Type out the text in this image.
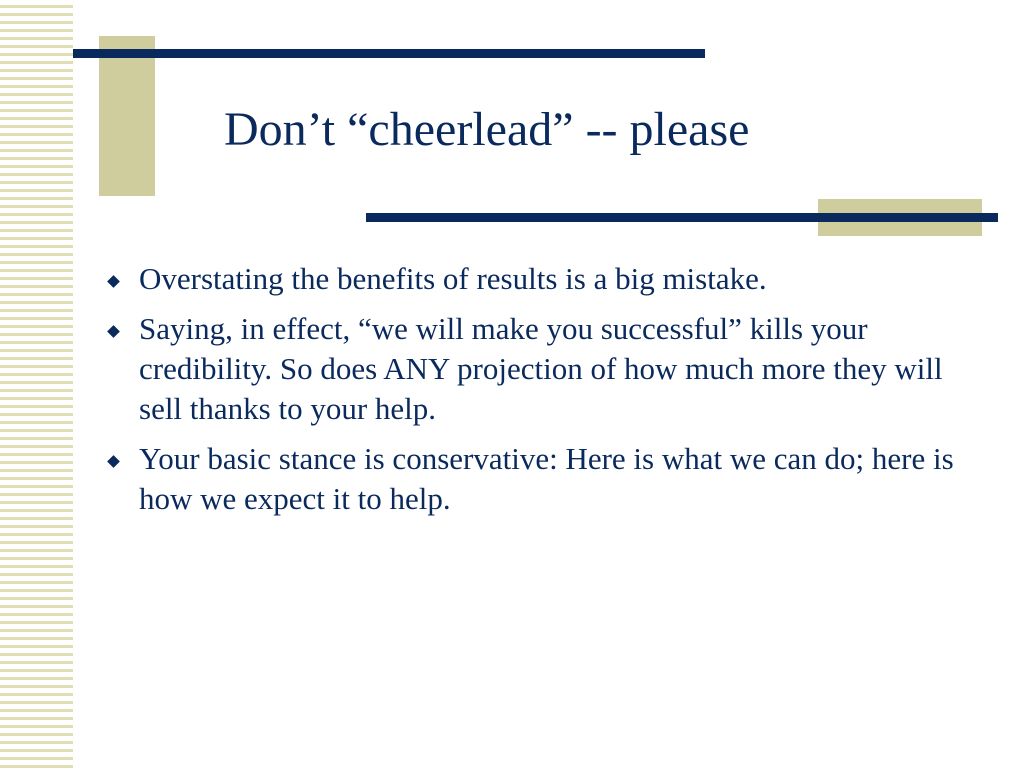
Don’t “cheerlead” -- please
Overstating the benefits of results is a big mistake.
Saying, in effect, “we will make you successful” kills your credibility. So does ANY projection of how much more they will sell thanks to your help.
Your basic stance is conservative: Here is what we can do; here is how we expect it to help.
